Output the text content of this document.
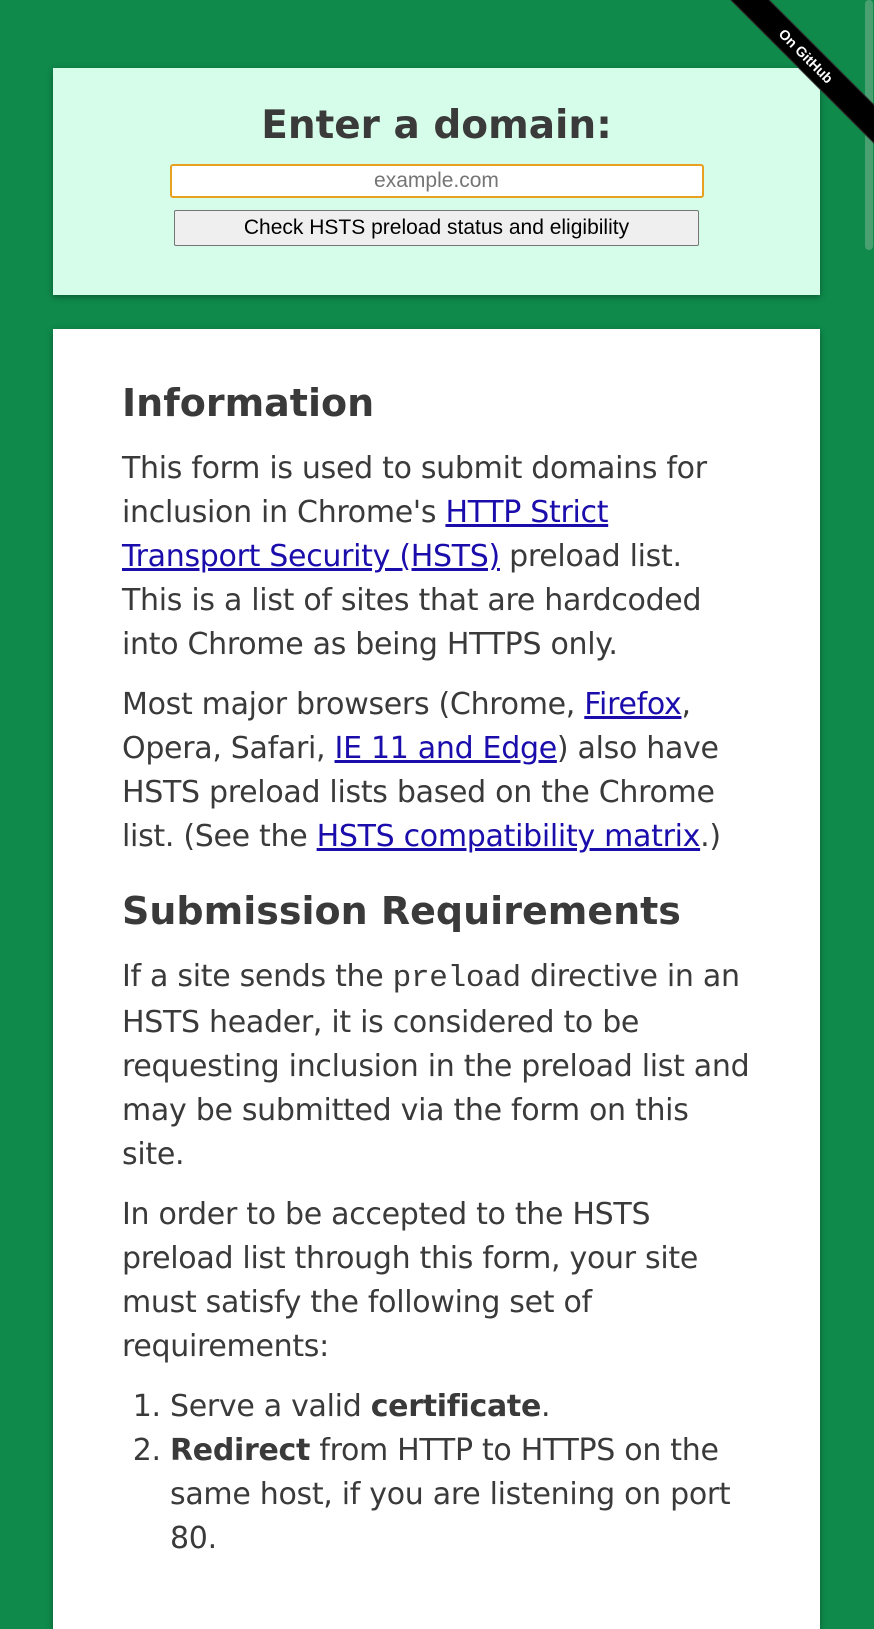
On GitHub
Enter a domain:
example.com
Check HSTS preload status and eligibility
Information

This form is used to submit domains for inclusion in Chrome's HTTP Strict Transport Security (HSTS) preload list. This is a list of sites that are hardcoded into Chrome as being HTTPS only.

Most major browsers (Chrome, Firefox, Opera, Safari, IE 11 and Edge) also have HSTS preload lists based on the Chrome list. (See the HSTS compatibility matrix.)

Submission Requirements

If a site sends the preload directive in an HSTS header, it is considered to be requesting inclusion in the preload list and may be submitted via the form on this site.

In order to be accepted to the HSTS preload list through this form, your site must satisfy the following set of requirements:

1. Serve a valid certificate.
2. Redirect from HTTP to HTTPS on the same host, if you are listening on port 80.
